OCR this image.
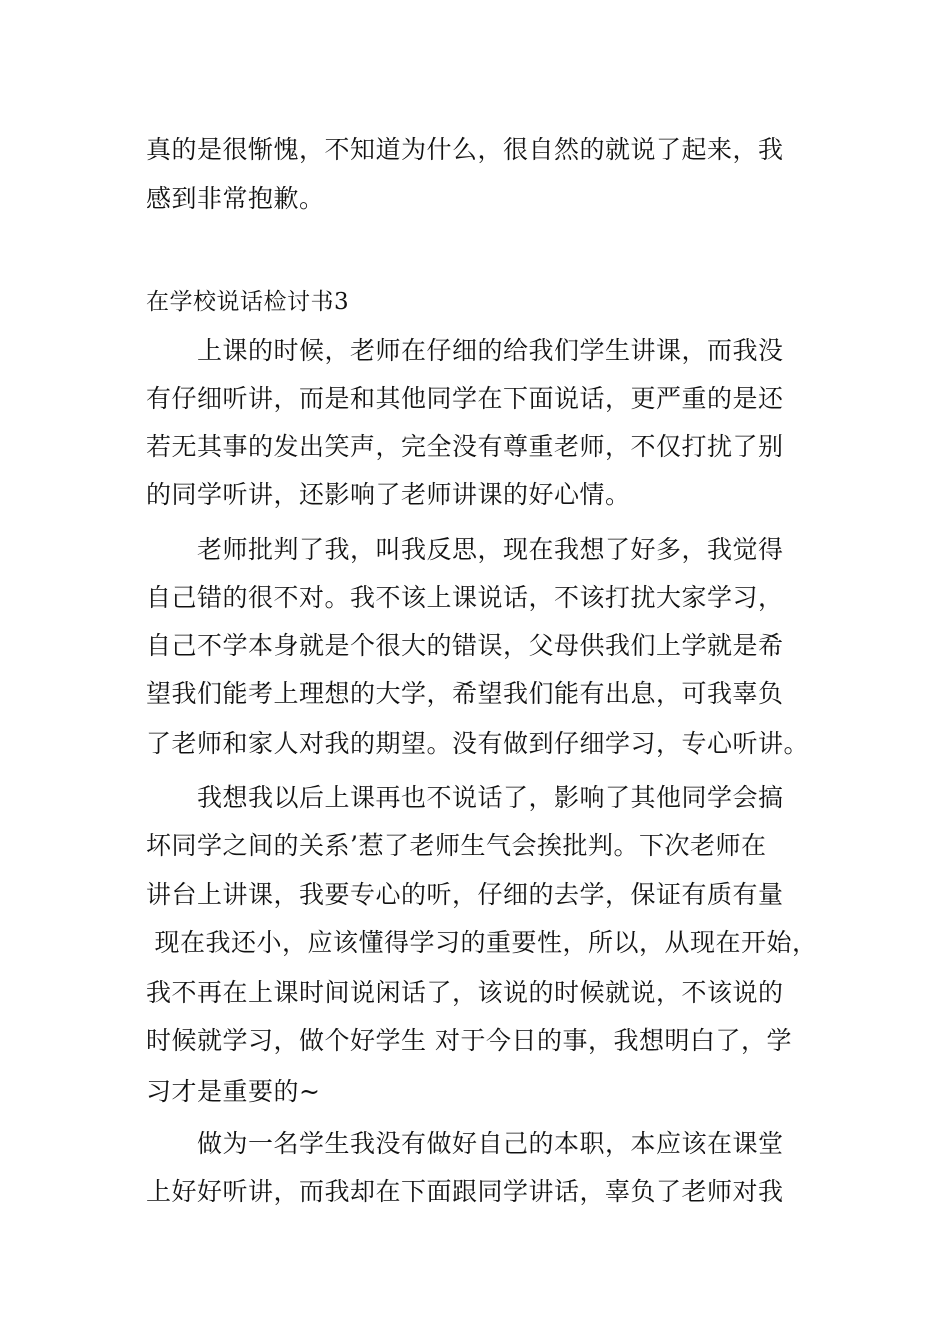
真的是很惭愧，不知道为什么，很自然的就说了起来，我
感到非常抱歉。
在学校说话检讨书3
　　上课的时候，老师在仔细的给我们学生讲课，而我没
有仔细听讲，而是和其他同学在下面说话，更严重的是还
若无其事的发出笑声，完全没有尊重老师，不仅打扰了别
的同学听讲，还影响了老师讲课的好心情。
　　老师批判了我，叫我反思，现在我想了好多，我觉得
自己错的很不对。我不该上课说话，不该打扰大家学习，
自己不学本身就是个很大的错误，父母供我们上学就是希
望我们能考上理想的大学，希望我们能有出息，可我辜负
了老师和家人对我的期望。没有做到仔细学习，专心听讲。
　　我想我以后上课再也不说话了，影响了其他同学会搞
坏同学之间的关系’惹了老师生气会挨批判。下次老师在
讲台上讲课，我要专心的听，仔细的去学，保证有质有量
现在我还小，应该懂得学习的重要性，所以，从现在开始，
我不再在上课时间说闲话了，该说的时候就说，不该说的
时候就学习，做个好学生 对于今日的事，我想明白了，学
习才是重要的~
　　做为一名学生我没有做好自己的本职，本应该在课堂
上好好听讲，而我却在下面跟同学讲话，辜负了老师对我
